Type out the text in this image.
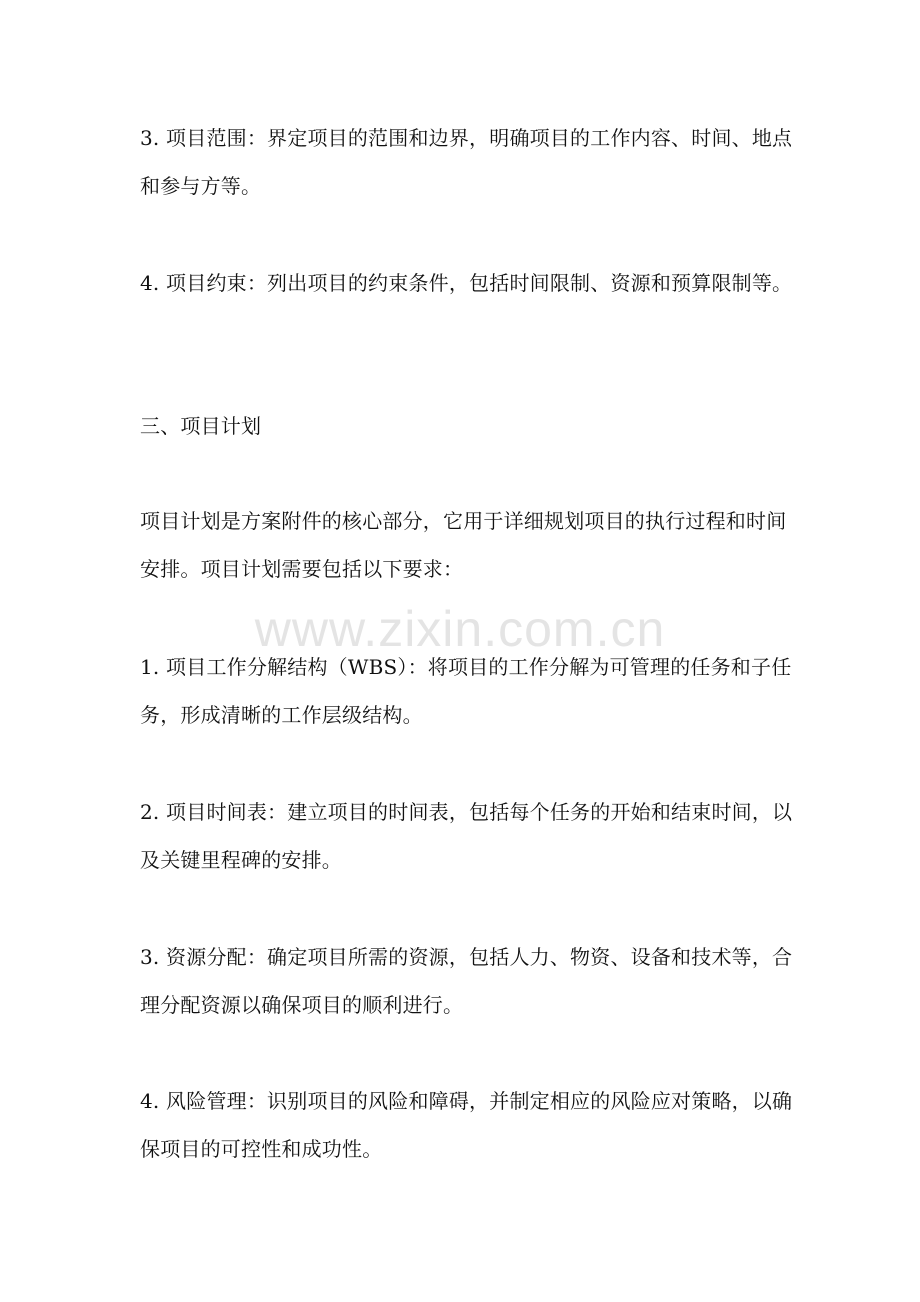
www.zixin.com.cn

3. 项目范围：界定项目的范围和边界，明确项目的工作内容、时间、地点和参与方等。

4. 项目约束：列出项目的约束条件，包括时间限制、资源和预算限制等。

三、项目计划

项目计划是方案附件的核心部分，它用于详细规划项目的执行过程和时间安排。项目计划需要包括以下要求：

1. 项目工作分解结构（WBS）：将项目的工作分解为可管理的任务和子任务，形成清晰的工作层级结构。

2. 项目时间表：建立项目的时间表，包括每个任务的开始和结束时间，以及关键里程碑的安排。

3. 资源分配：确定项目所需的资源，包括人力、物资、设备和技术等，合理分配资源以确保项目的顺利进行。

4. 风险管理：识别项目的风险和障碍，并制定相应的风险应对策略，以确保项目的可控性和成功性。
